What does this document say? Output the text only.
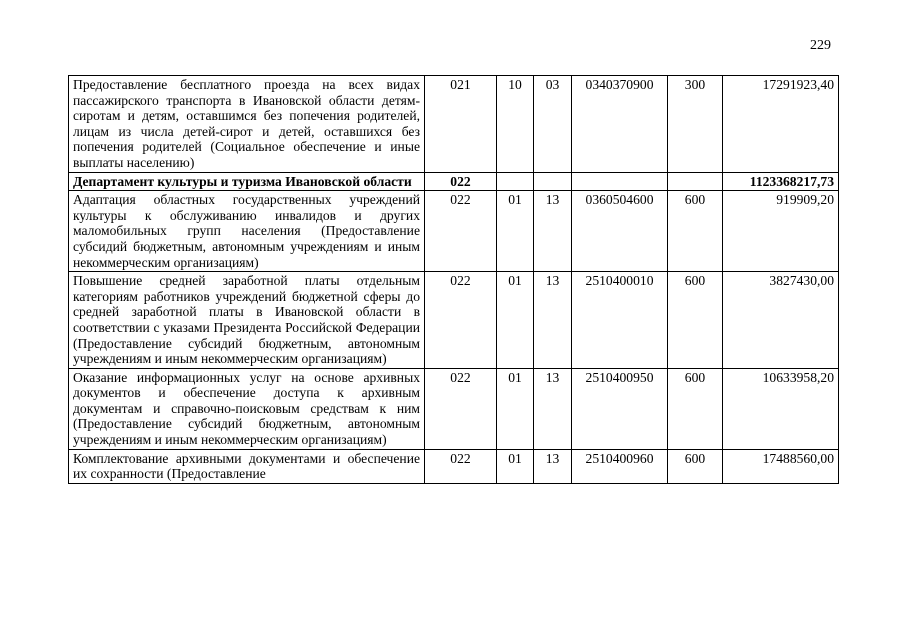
229
Предоставление бесплатного проезда на всех видах пассажирского транспорта в Ивановской области детям-сиротам и детям, оставшимся без попечения родителей, лицам из числа детей-сирот и детей, оставшихся без попечения родителей (Социальное обеспечение и иные выплаты населению)	021	10	03	0340370900	300	17291923,40
Департамент культуры и туризма Ивановской области	022					1123368217,73
Адаптация областных государственных учреждений культуры к обслуживанию инвалидов и других маломобильных групп населения (Предоставление субсидий бюджетным, автономным учреждениям и иным некоммерческим организациям)	022	01	13	0360504600	600	919909,20
Повышение средней заработной платы отдельным категориям работников учреждений бюджетной сферы до средней заработной платы в Ивановской области в соответствии с указами Президента Российской Федерации (Предоставление субсидий бюджетным, автономным учреждениям и иным некоммерческим организациям)	022	01	13	2510400010	600	3827430,00
Оказание информационных услуг на основе архивных документов и обеспечение доступа к архивным документам и справочно-поисковым средствам к ним (Предоставление субсидий бюджетным, автономным учреждениям и иным некоммерческим организациям)	022	01	13	2510400950	600	10633958,20
Комплектование архивными документами и обеспечение их сохранности (Предоставление	022	01	13	2510400960	600	17488560,00
